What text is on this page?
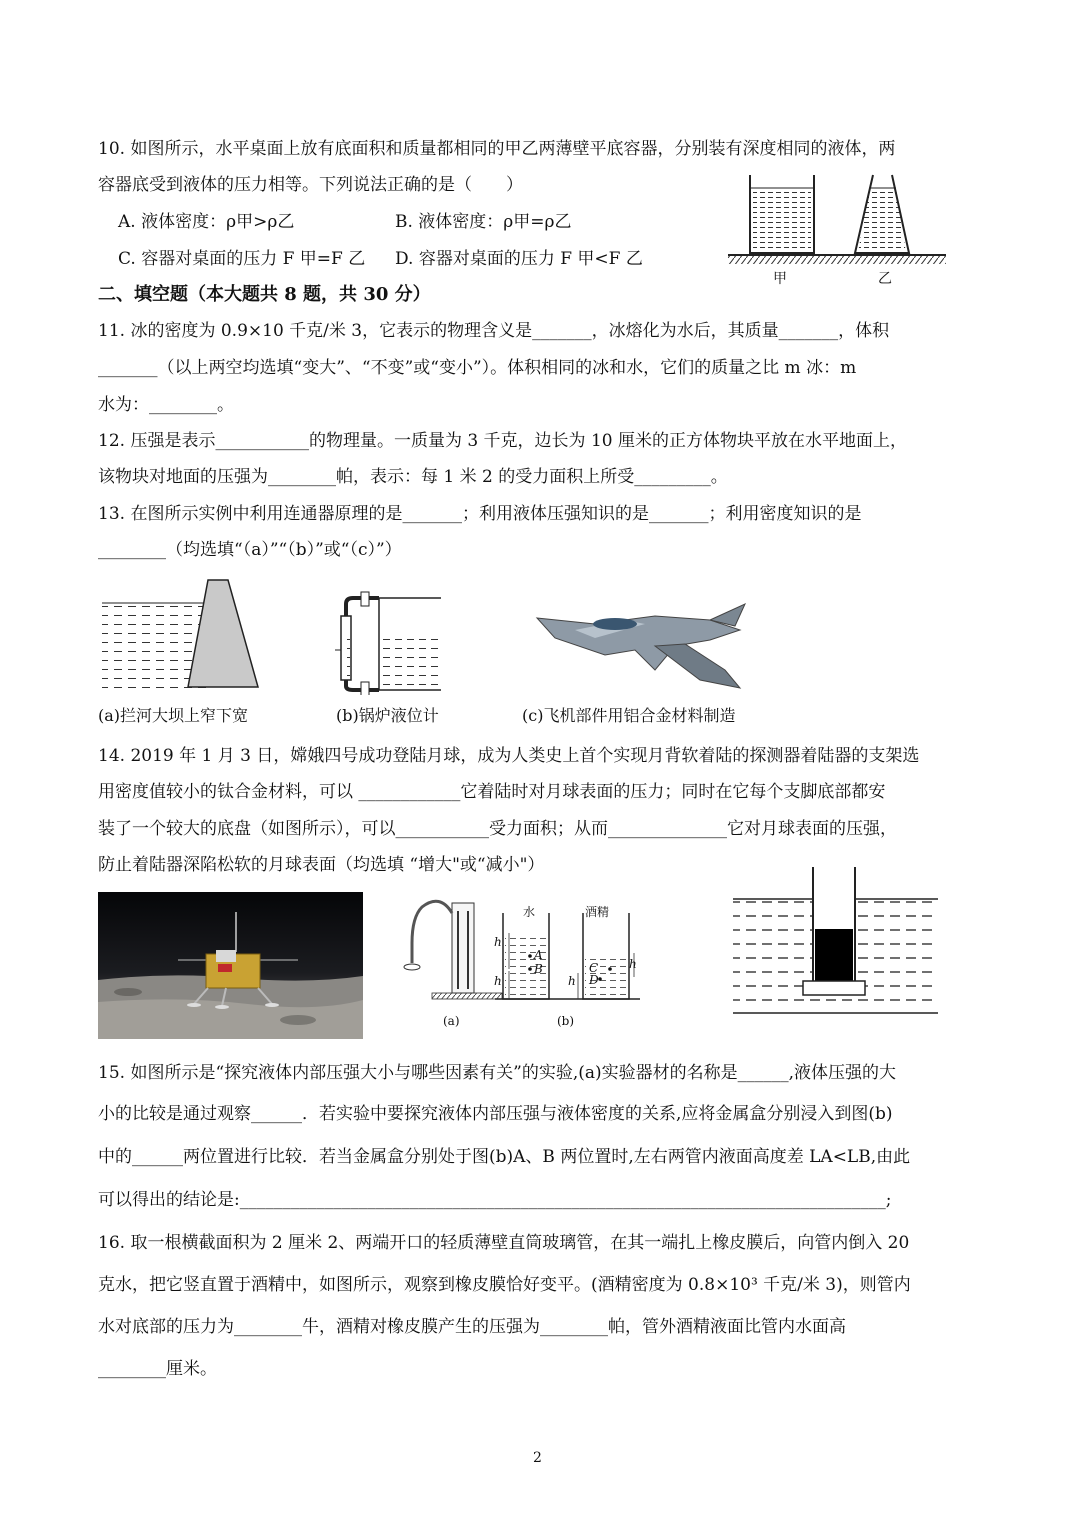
10. 如图所示，水平桌面上放有底面积和质量都相同的甲乙两薄壁平底容器，分别装有深度相同的液体，两
容器底受到液体的压力相等。下列说法正确的是（　　）
A. 液体密度：ρ甲>ρ乙	B. 液体密度：ρ甲=ρ乙
C. 容器对桌面的压力 F 甲=F 乙 D. 容器对桌面的压力 F 甲<F 乙
甲	乙
二、填空题（本大题共 8 题，共 30 分）
11. 冰的密度为 0.9×10 千克/米 3，它表示的物理含义是_______，冰熔化为水后，其质量_______，体积
_______（以上两空均选填“变大”、“不变”或“变小”）。体积相同的冰和水，它们的质量之比 m 冰：m
水为：________。
12. 压强是表示___________的物理量。一质量为 3 千克，边长为 10 厘米的正方体物块平放在水平地面上，
该物块对地面的压强为________帕，表示：每 1 米 2 的受力面积上所受_________。
13. 在图所示实例中利用连通器原理的是_______；利用液体压强知识的是_______；利用密度知识的是
________（均选填“（a）”“（b）”或“（c）”）
(a)拦河大坝上窄下宽	(b)锅炉液位计	(c)飞机部件用铝合金材料制造
14. 2019 年 1 月 3 日，嫦娥四号成功登陆月球，成为人类史上首个实现月背软着陆的探测器着陆器的支架选
用密度值较小的钛合金材料，可以 ____________它着陆时对月球表面的压力；同时在它每个支脚底部都安
装了一个较大的底盘（如图所示），可以___________受力面积；从而______________它对月球表面的压强，
防止着陆器深陷松软的月球表面（均选填 “增大"或“减小"）
水	酒精
h
h	h
h
A
B	C
D
(a)	(b)
15. 如图所示是“探究液体内部压强大小与哪些因素有关”的实验,(a)实验器材的名称是______,液体压强的大
小的比较是通过观察______．若实验中要探究液体内部压强与液体密度的关系,应将金属盒分别浸入到图(b)
中的______两位置进行比较．若当金属盒分别处于图(b)A、B 两位置时,左右两管内液面高度差 LA<LB,由此
可以得出的结论是:____________________________________________________________________________;
16. 取一根横截面积为 2 厘米 2、两端开口的轻质薄壁直筒玻璃管，在其一端扎上橡皮膜后，向管内倒入 20
克水，把它竖直置于酒精中，如图所示，观察到橡皮膜恰好变平。(酒精密度为 0.8×10³ 千克/米 3)，则管内
水对底部的压力为________牛，酒精对橡皮膜产生的压强为________帕，管外酒精液面比管内水面高
________厘米。
2
